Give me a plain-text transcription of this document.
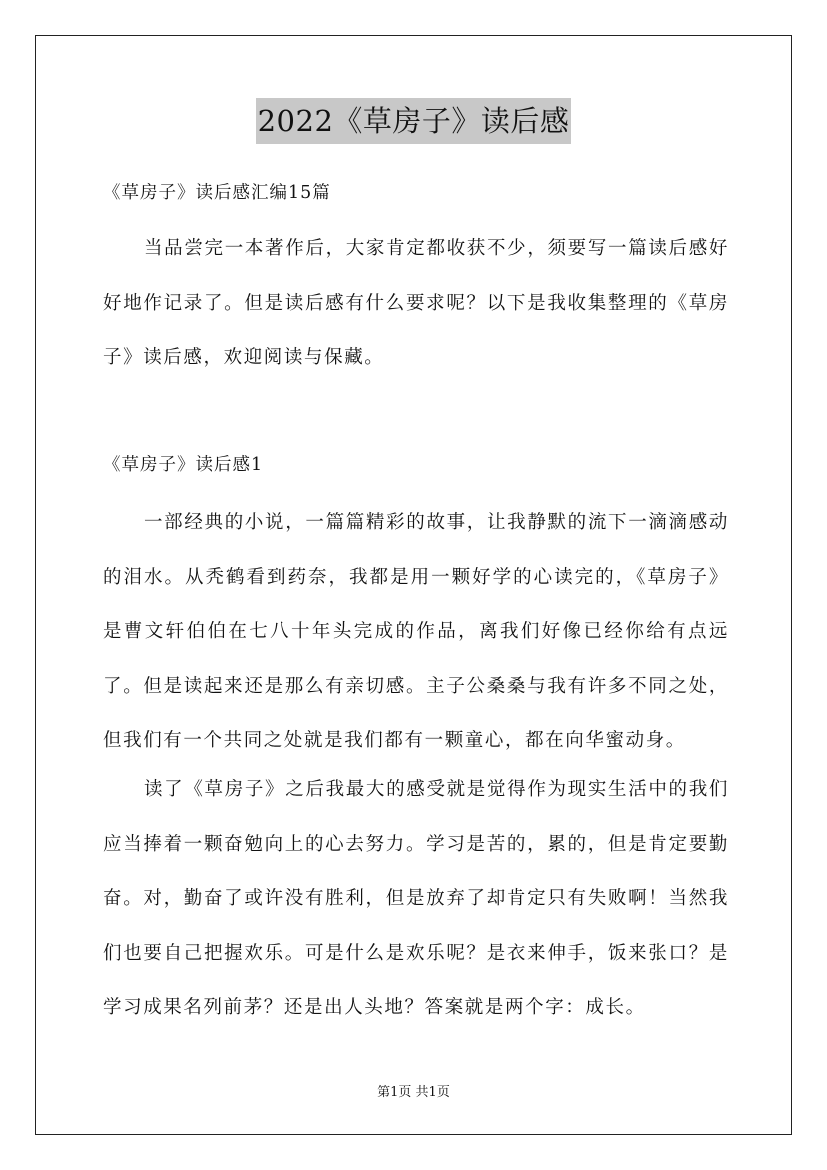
2022《草房子》读后感
《草房子》读后感汇编15篇

当品尝完一本著作后，大家肯定都收获不少，须要写一篇读后感好好地作记录了。但是读后感有什么要求呢？以下是我收集整理的《草房子》读后感，欢迎阅读与保藏。

《草房子》读后感1

一部经典的小说，一篇篇精彩的故事，让我静默的流下一滴滴感动的泪水。从秃鹤看到药奈，我都是用一颗好学的心读完的，《草房子》是曹文轩伯伯在七八十年头完成的作品，离我们好像已经你给有点远了。但是读起来还是那么有亲切感。主子公桑桑与我有许多不同之处，但我们有一个共同之处就是我们都有一颗童心，都在向华蜜动身。

读了《草房子》之后我最大的感受就是觉得作为现实生活中的我们应当捧着一颗奋勉向上的心去努力。学习是苦的，累的，但是肯定要勤奋。对，勤奋了或许没有胜利，但是放弃了却肯定只有失败啊！当然我们也要自己把握欢乐。可是什么是欢乐呢？是衣来伸手，饭来张口？是学习成果名列前茅？还是出人头地？答案就是两个字：成长。

第1页 共1页
